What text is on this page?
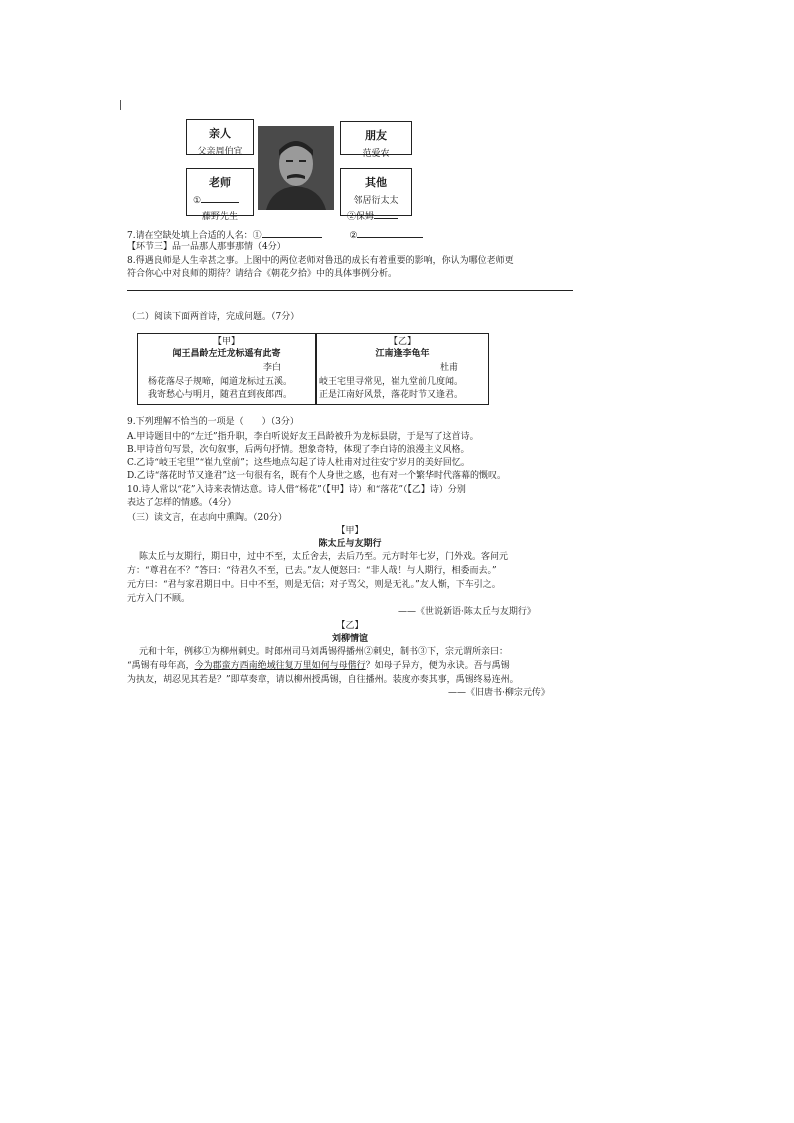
亲人
父亲周伯宜
老师
①
藤野先生
朋友
范爱农
其他
邻居衍太太
②保姆
7.请在空缺处填上合适的人名：①	②
【环节三】品一品那人那事那情（4分）
8.得遇良师是人生幸甚之事。上图中的两位老师对鲁迅的成长有着重要的影响，你认为哪位老师更
符合你心中对良师的期待？请结合《朝花夕拾》中的具体事例分析。
（二）阅读下面两首诗，完成问题。（7分）
【甲】
闻王昌龄左迁龙标遥有此寄
李白
杨花落尽子规啼，闻道龙标过五溪。
我寄愁心与明月，随君直到夜郎西。
【乙】
江南逢李龟年
杜甫
岐王宅里寻常见，崔九堂前几度闻。
正是江南好风景，落花时节又逢君。
9.下列理解不恰当的一项是（　　）（3分）
A.甲诗题目中的“左迁”指升职，李白听说好友王昌龄被升为龙标县尉，于是写了这首诗。
B.甲诗首句写景，次句叙事，后两句抒情。想象奇特，体现了李白诗的浪漫主义风格。
C.乙诗“岐王宅里”“崔九堂前”；这些地点勾起了诗人杜甫对过往安宁岁月的美好回忆。
D.乙诗“落花时节又逢君”这一句很有名，既有个人身世之感，也有对一个繁华时代落幕的慨叹。
10.诗人常以“花”入诗来表情达意。诗人借“杨花”（【甲】诗）和“落花”（【乙】诗）分别
表达了怎样的情感。（4分）
（三）读文言，在志向中熏陶。（20分）
【甲】
陈太丘与友期行
陈太丘与友期行，期日中，过中不至，太丘舍去，去后乃至。元方时年七岁，门外戏。客问元
方：“尊君在不？”答曰：“待君久不至，已去。”友人便怒曰：“非人哉！与人期行，相委而去。”
元方曰：“君与家君期日中。日中不至，则是无信；对子骂父，则是无礼。”友人惭，下车引之。
元方入门不顾。
——《世说新语·陈太丘与友期行》
【乙】
刘柳情谊
元和十年，例移①为柳州刺史。时郎州司马刘禹锡得播州②刺史，制书③下，宗元谓所亲曰：
“禹锡有母年高，今为郡蛮方西南绝域往复万里如何与母偕行？如母子异方，便为永诀。吾与禹锡
为执友，胡忍见其若是？”即草奏章，请以柳州授禹锡，自往播州。装度亦奏其事，禹锡终易连州。
——《旧唐书·柳宗元传》
